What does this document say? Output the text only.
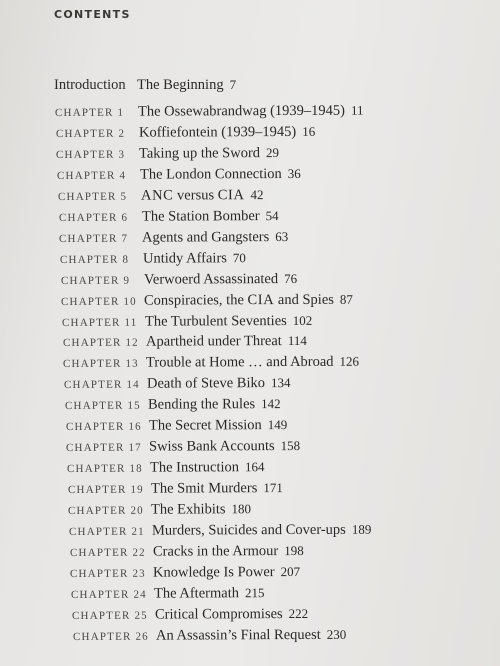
CONTENTS
Introduction The Beginning 7
CHAPTER 1 The Ossewabrandwag (1939–1945) 11
CHAPTER 2 Koffiefontein (1939–1945) 16
CHAPTER 3 Taking up the Sword 29
CHAPTER 4 The London Connection 36
CHAPTER 5 ANC versus CIA 42
CHAPTER 6 The Station Bomber 54
CHAPTER 7 Agents and Gangsters 63
CHAPTER 8 Untidy Affairs 70
CHAPTER 9 Verwoerd Assassinated 76
CHAPTER 10 Conspiracies, the CIA and Spies 87
CHAPTER 11 The Turbulent Seventies 102
CHAPTER 12 Apartheid under Threat 114
CHAPTER 13 Trouble at Home … and Abroad 126
CHAPTER 14 Death of Steve Biko 134
CHAPTER 15 Bending the Rules 142
CHAPTER 16 The Secret Mission 149
CHAPTER 17 Swiss Bank Accounts 158
CHAPTER 18 The Instruction 164
CHAPTER 19 The Smit Murders 171
CHAPTER 20 The Exhibits 180
CHAPTER 21 Murders, Suicides and Cover-ups 189
CHAPTER 22 Cracks in the Armour 198
CHAPTER 23 Knowledge Is Power 207
CHAPTER 24 The Aftermath 215
CHAPTER 25 Critical Compromises 222
CHAPTER 26 An Assassin’s Final Request 230
